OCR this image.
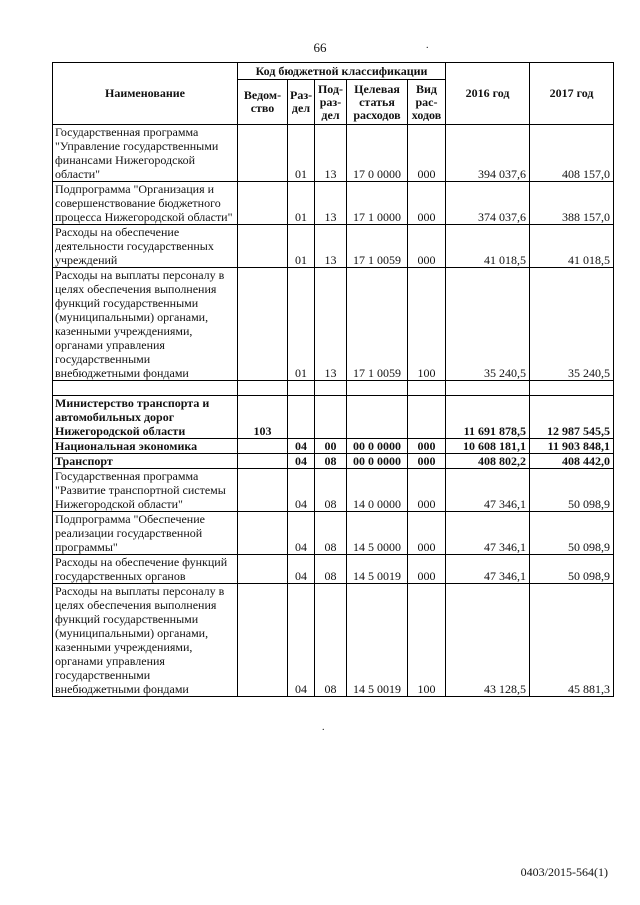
66	.
Наименование	Код бюджетной классификации					2016 год	2017 год
	Ведом-ство	Раз-дел	Под-раз-дел	Целевая статья расходов	Вид рас-ходов		
Государственная программа "Управление государственными финансами Нижегородской области"		01	13	17 0 0000	000	394 037,6	408 157,0
Подпрограмма "Организация и совершенствование бюджетного процесса Нижегородской области"		01	13	17 1 0000	000	374 037,6	388 157,0
Расходы на обеспечение деятельности государственных учреждений		01	13	17 1 0059	000	41 018,5	41 018,5
Расходы на выплаты персоналу в целях обеспечения выполнения функций государственными (муниципальными) органами, казенными учреждениями, органами управления государственными внебюджетными фондами		01	13	17 1 0059	100	35 240,5	35 240,5

Министерство транспорта и автомобильных дорог Нижегородской области	103					11 691 878,5	12 987 545,5
Национальная экономика		04	00	00 0 0000	000	10 608 181,1	11 903 848,1
Транспорт		04	08	00 0 0000	000	408 802,2	408 442,0
Государственная программа "Развитие транспортной системы Нижегородской области"		04	08	14 0 0000	000	47 346,1	50 098,9
Подпрограмма "Обеспечение реализации государственной программы"		04	08	14 5 0000	000	47 346,1	50 098,9
Расходы на обеспечение функций государственных органов		04	08	14 5 0019	000	47 346,1	50 098,9
Расходы на выплаты персоналу в целях обеспечения выполнения функций государственными (муниципальными) органами, казенными учреждениями, органами управления государственными внебюджетными фондами		04	08	14 5 0019	100	43 128,5	45 881,3
.
0403/2015-564(1)
